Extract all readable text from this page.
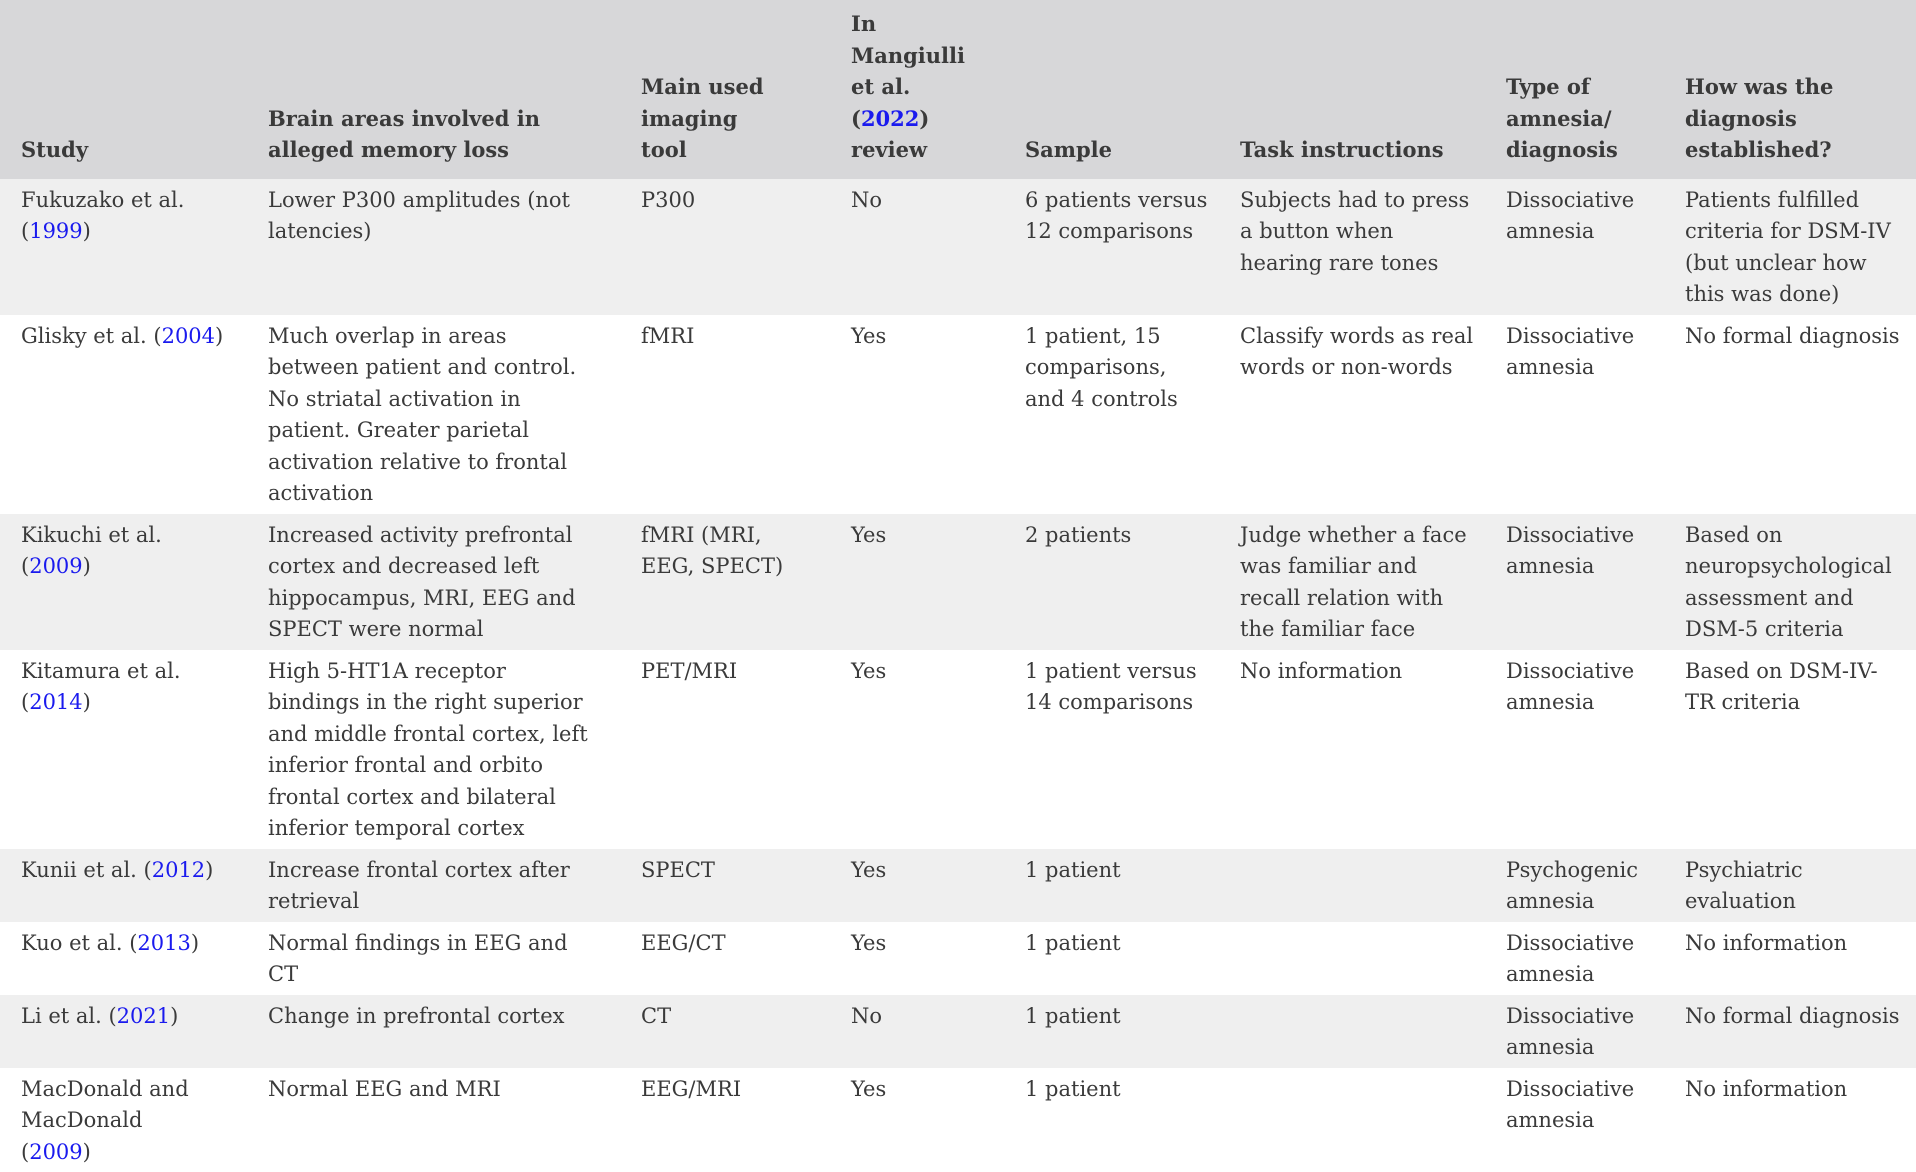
Study	Brain areas involved in alleged memory loss	Main used imaging tool	In Mangiulli et al. (2022) review	Sample	Task instructions	Type of amnesia/ diagnosis	How was the diagnosis established?
Fukuzako et al. (1999)	Lower P300 amplitudes (not latencies)	P300	No	6 patients versus 12 comparisons	Subjects had to press a button when hearing rare tones	Dissociative amnesia	Patients fulfilled criteria for DSM-IV (but unclear how this was done)
Glisky et al. (2004)	Much overlap in areas between patient and control. No striatal activation in patient. Greater parietal activation relative to frontal activation	fMRI	Yes	1 patient, 15 comparisons, and 4 controls	Classify words as real words or non-words	Dissociative amnesia	No formal diagnosis
Kikuchi et al. (2009)	Increased activity prefrontal cortex and decreased left hippocampus, MRI, EEG and SPECT were normal	fMRI (MRI, EEG, SPECT)	Yes	2 patients	Judge whether a face was familiar and recall relation with the familiar face	Dissociative amnesia	Based on neuropsychological assessment and DSM-5 criteria
Kitamura et al. (2014)	High 5-HT1A receptor bindings in the right superior and middle frontal cortex, left inferior frontal and orbito frontal cortex and bilateral inferior temporal cortex	PET/MRI	Yes	1 patient versus 14 comparisons	No information	Dissociative amnesia	Based on DSM-IV-TR criteria
Kunii et al. (2012)	Increase frontal cortex after retrieval	SPECT	Yes	1 patient		Psychogenic amnesia	Psychiatric evaluation
Kuo et al. (2013)	Normal findings in EEG and CT	EEG/CT	Yes	1 patient		Dissociative amnesia	No information
Li et al. (2021)	Change in prefrontal cortex	CT	No	1 patient		Dissociative amnesia	No formal diagnosis
MacDonald and MacDonald (2009)	Normal EEG and MRI	EEG/MRI	Yes	1 patient		Dissociative amnesia	No information
